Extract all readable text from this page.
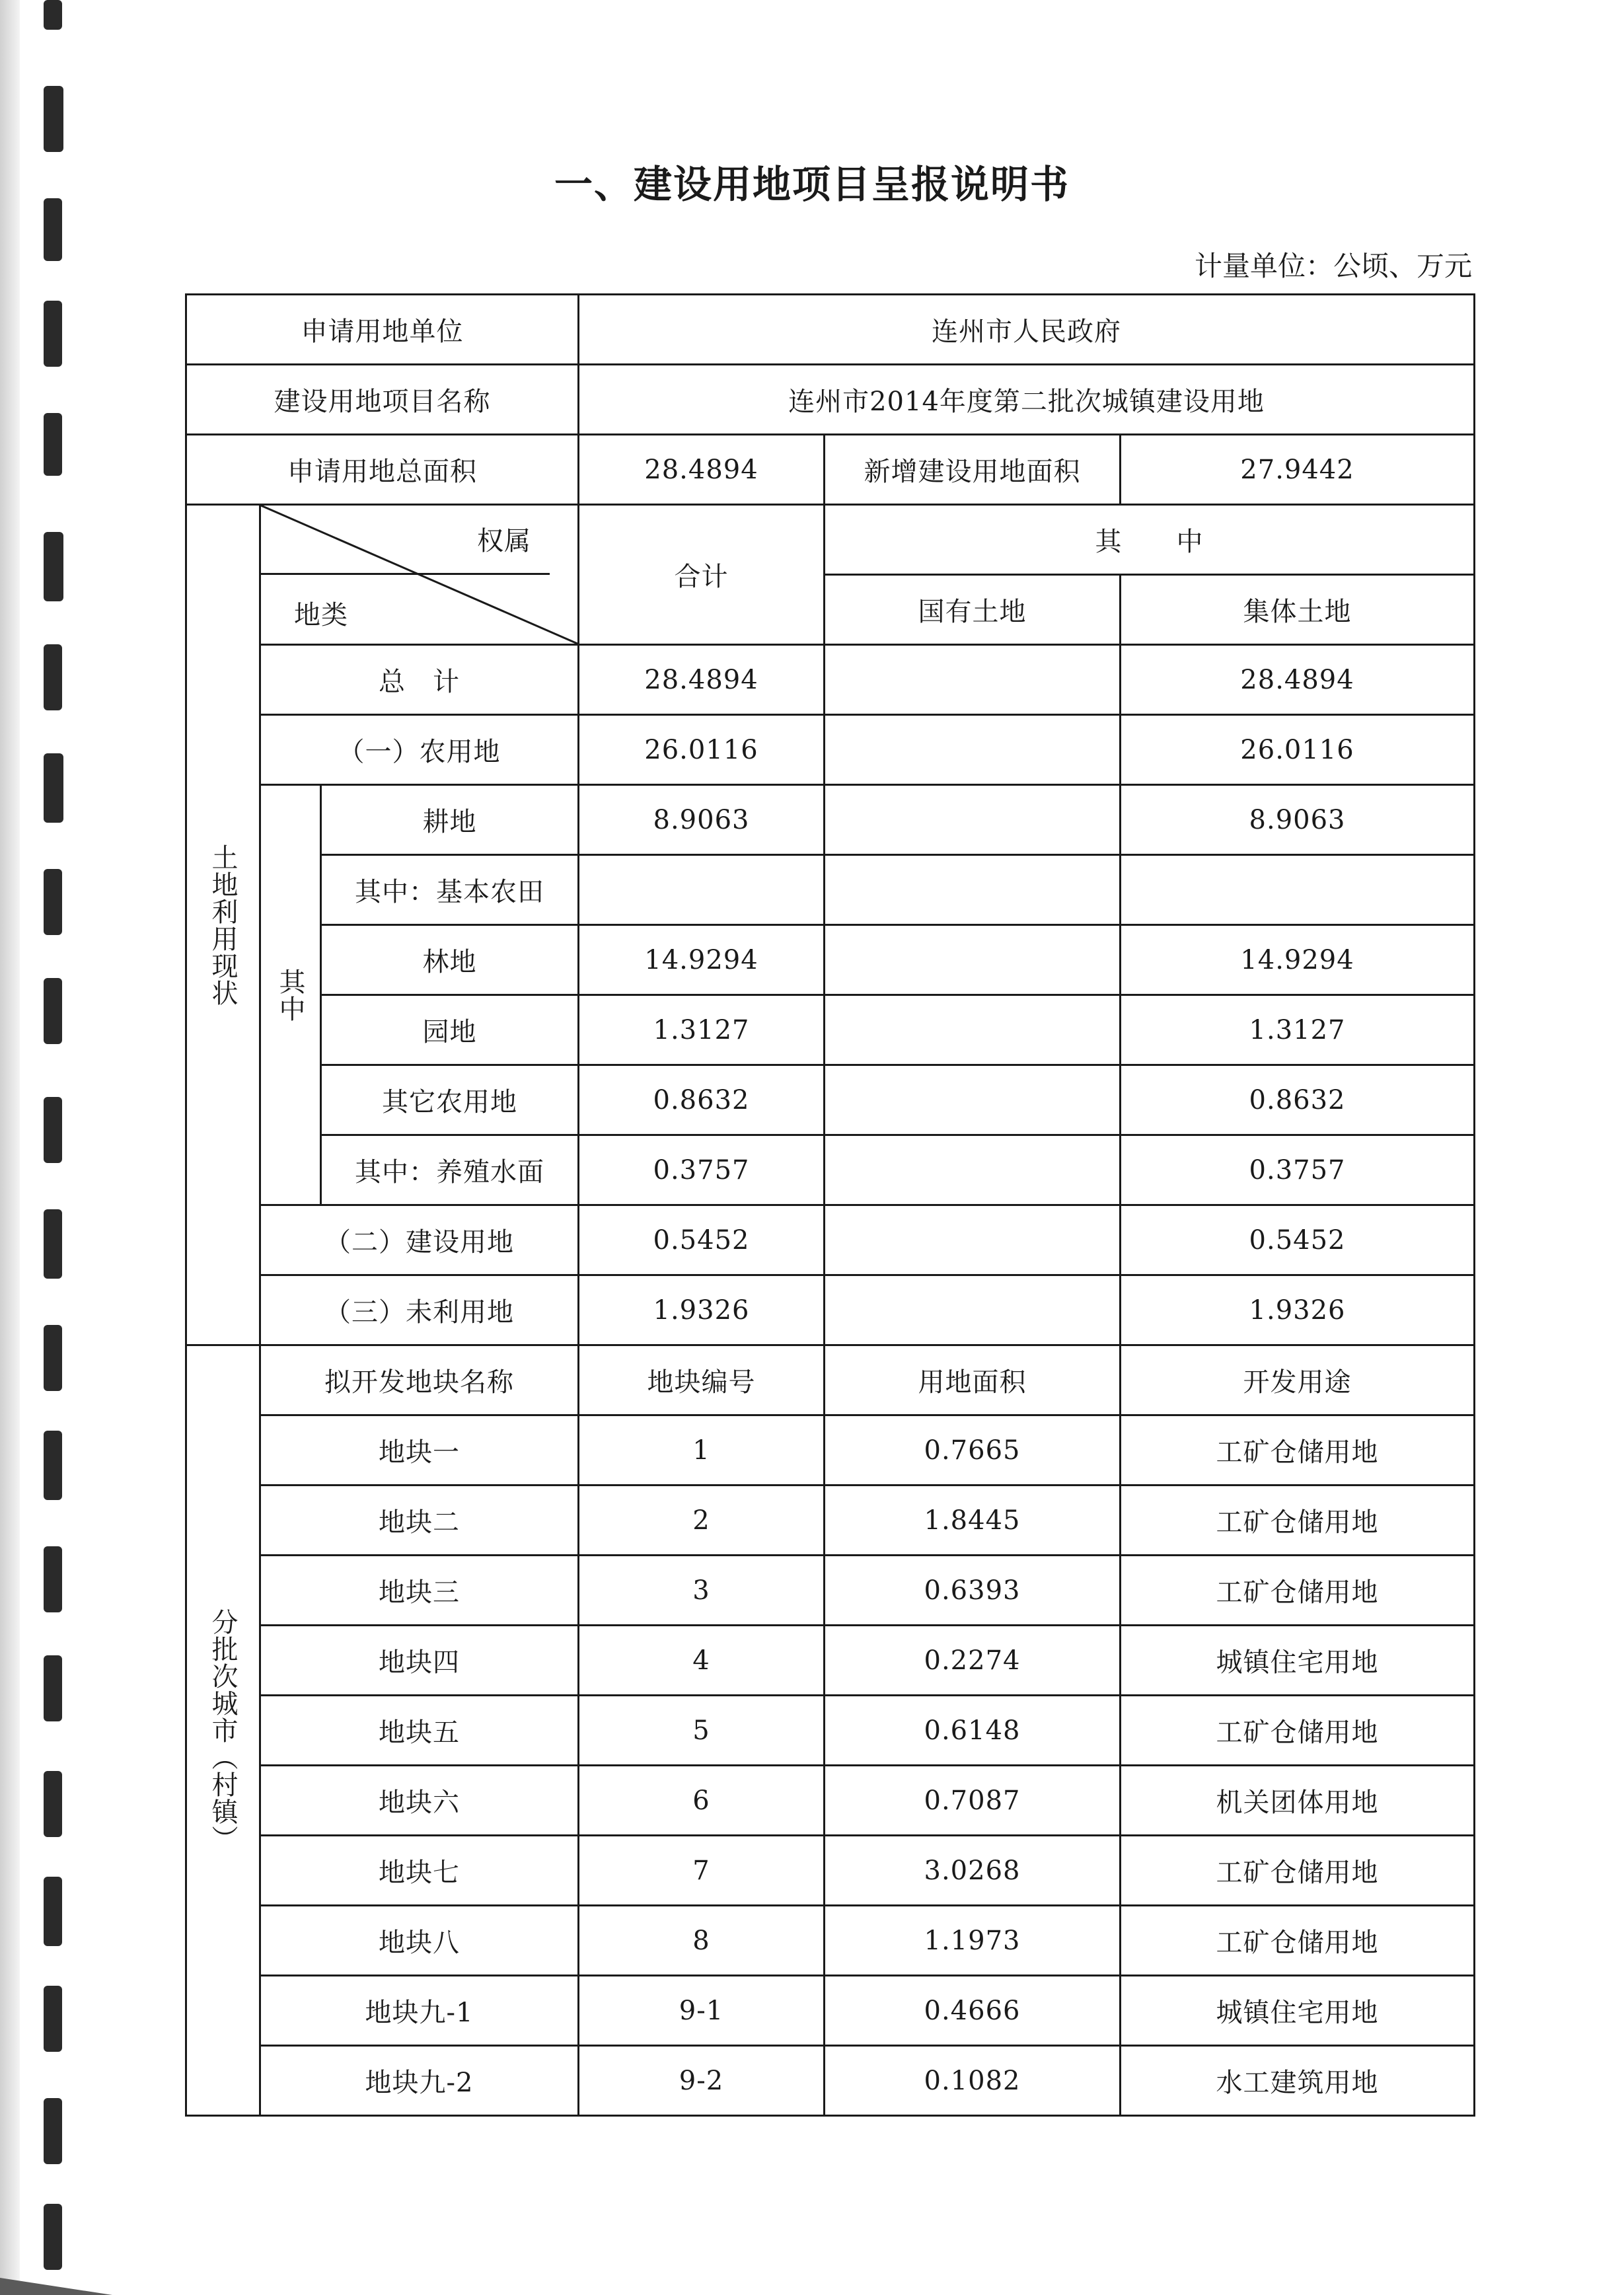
一、建设用地项目呈报说明书
计量单位：公顷、万元
申请用地单位			连州市人民政府		
建设用地项目名称			连州市2014年度第二批次城镇建设用地		
申请用地总面积			28.4894	新增建设用地面积	27.9442
土地利用现状	权属
地类		合计	其　　中	
				国有土地	集体土地
	总　计		28.4894		28.4894
	（一）农用地		26.0116		26.0116
	其中	耕地	8.9063		8.9063
		其中：基本农田			
		林地	14.9294		14.9294
		园地	1.3127		1.3127
		其它农用地	0.8632		0.8632
		其中：养殖水面	0.3757		0.3757
	（二）建设用地		0.5452		0.5452
	（三）未利用地		1.9326		1.9326
分批次城市（村镇）	拟开发地块名称		地块编号	用地面积	开发用途
	地块一		1	0.7665	工矿仓储用地
	地块二		2	1.8445	工矿仓储用地
	地块三		3	0.6393	工矿仓储用地
	地块四		4	0.2274	城镇住宅用地
	地块五		5	0.6148	工矿仓储用地
	地块六		6	0.7087	机关团体用地
	地块七		7	3.0268	工矿仓储用地
	地块八		8	1.1973	工矿仓储用地
	地块九-1		9-1	0.4666	城镇住宅用地
	地块九-2		9-2	0.1082	水工建筑用地
